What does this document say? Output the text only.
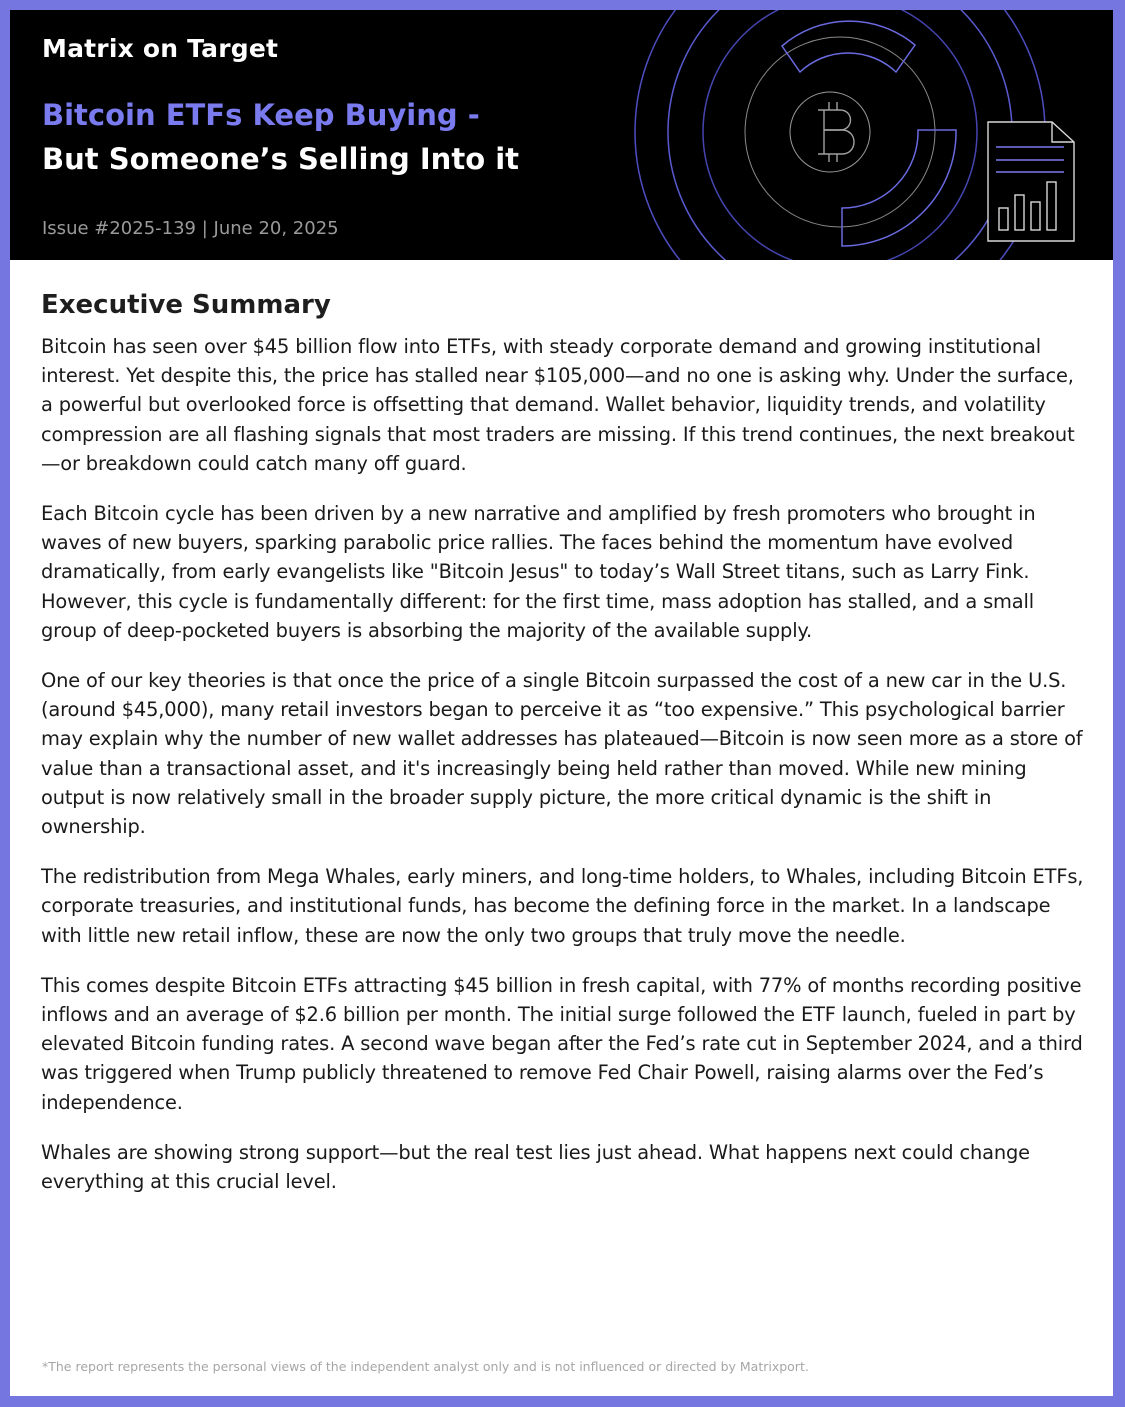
Matrix on Target
Bitcoin ETFs Keep Buying -
But Someone’s Selling Into it
Issue #2025-139 | June 20, 2025
Executive Summary

Bitcoin has seen over $45 billion flow into ETFs, with steady corporate demand and growing institutional interest. Yet despite this, the price has stalled near $105,000—and no one is asking why. Under the surface, a powerful but overlooked force is offsetting that demand. Wallet behavior, liquidity trends, and volatility compression are all flashing signals that most traders are missing. If this trend continues, the next breakout—or breakdown could catch many off guard.

Each Bitcoin cycle has been driven by a new narrative and amplified by fresh promoters who brought in waves of new buyers, sparking parabolic price rallies. The faces behind the momentum have evolved dramatically, from early evangelists like "Bitcoin Jesus" to today’s Wall Street titans, such as Larry Fink. However, this cycle is fundamentally different: for the first time, mass adoption has stalled, and a small group of deep-pocketed buyers is absorbing the majority of the available supply.

One of our key theories is that once the price of a single Bitcoin surpassed the cost of a new car in the U.S. (around $45,000), many retail investors began to perceive it as “too expensive.” This psychological barrier may explain why the number of new wallet addresses has plateaued—Bitcoin is now seen more as a store of value than a transactional asset, and it's increasingly being held rather than moved. While new mining output is now relatively small in the broader supply picture, the more critical dynamic is the shift in ownership.

The redistribution from Mega Whales, early miners, and long-time holders, to Whales, including Bitcoin ETFs, corporate treasuries, and institutional funds, has become the defining force in the market. In a landscape with little new retail inflow, these are now the only two groups that truly move the needle.

This comes despite Bitcoin ETFs attracting $45 billion in fresh capital, with 77% of months recording positive inflows and an average of $2.6 billion per month. The initial surge followed the ETF launch, fueled in part by elevated Bitcoin funding rates. A second wave began after the Fed’s rate cut in September 2024, and a third was triggered when Trump publicly threatened to remove Fed Chair Powell, raising alarms over the Fed’s independence.

Whales are showing strong support—but the real test lies just ahead. What happens next could change everything at this crucial level.

*The report represents the personal views of the independent analyst only and is not influenced or directed by Matrixport.
